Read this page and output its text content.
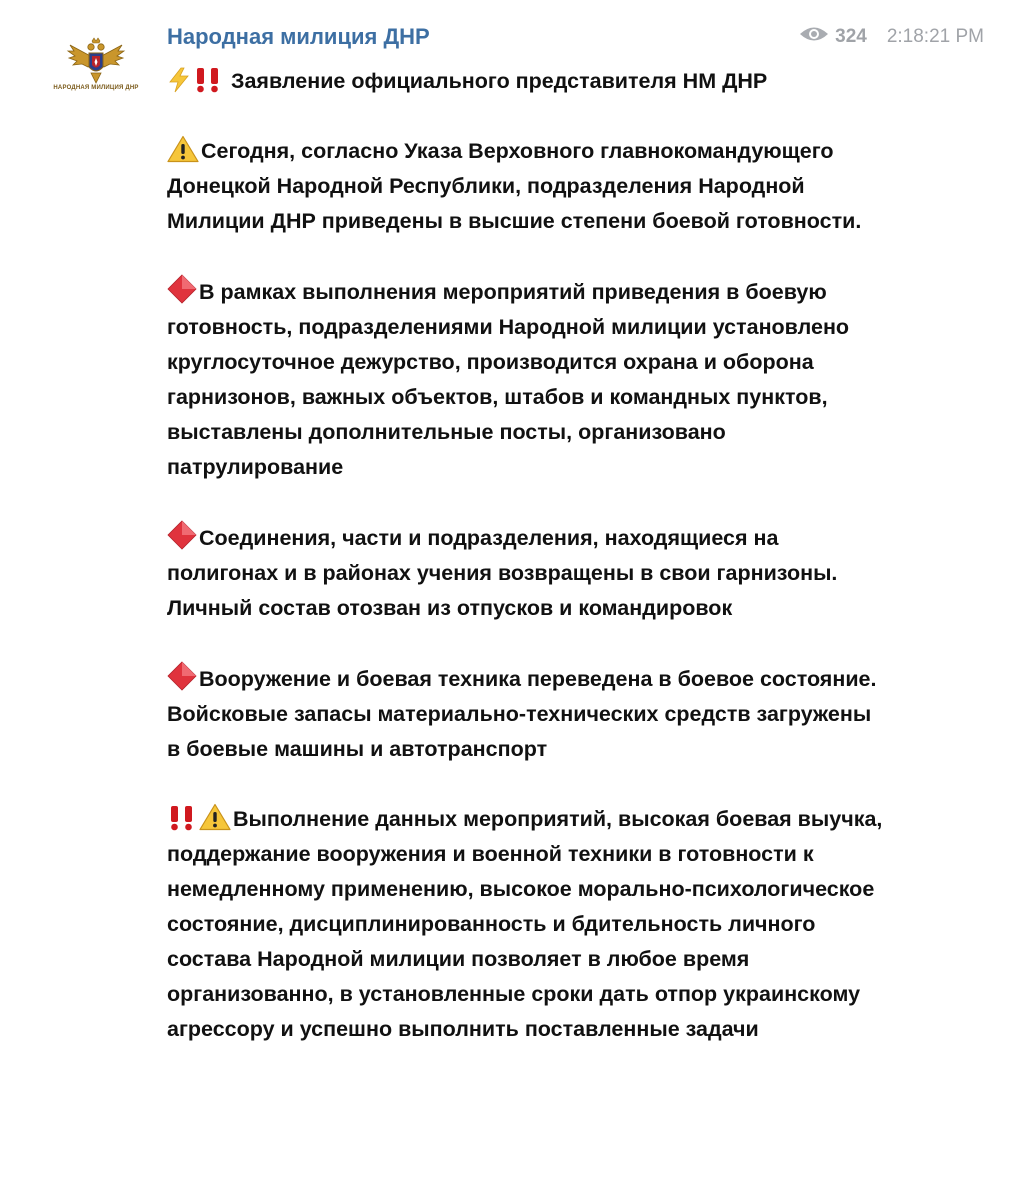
НАРОДНАЯ МИЛИЦИЯ ДНР
Народная милиция ДНР	324 2:18:21 PM

Заявление официального представителя НМ ДНР

Сегодня, согласно Указа Верховного главнокомандующего Донецкой Народной Республики, подразделения Народной Милиции ДНР приведены в высшие степени боевой готовности.

В рамках выполнения мероприятий приведения в боевую готовность, подразделениями Народной милиции установлено круглосуточное дежурство, производится охрана и оборона гарнизонов, важных объектов, штабов и командных пунктов, выставлены дополнительные посты, организовано патрулирование

Соединения, части и подразделения, находящиеся на полигонах и в районах учения возвращены в свои гарнизоны. Личный состав отозван из отпусков и командировок

Вооружение и боевая техника переведена в боевое состояние. Войсковые запасы материально-технических средств загружены в боевые машины и автотранспорт

Выполнение данных мероприятий, высокая боевая выучка, поддержание вооружения и военной техники в готовности к немедленному применению, высокое морально-психологическое состояние, дисциплинированность и бдительность личного состава Народной милиции позволяет в любое время организованно, в установленные сроки дать отпор украинскому агрессору и успешно выполнить поставленные задачи
